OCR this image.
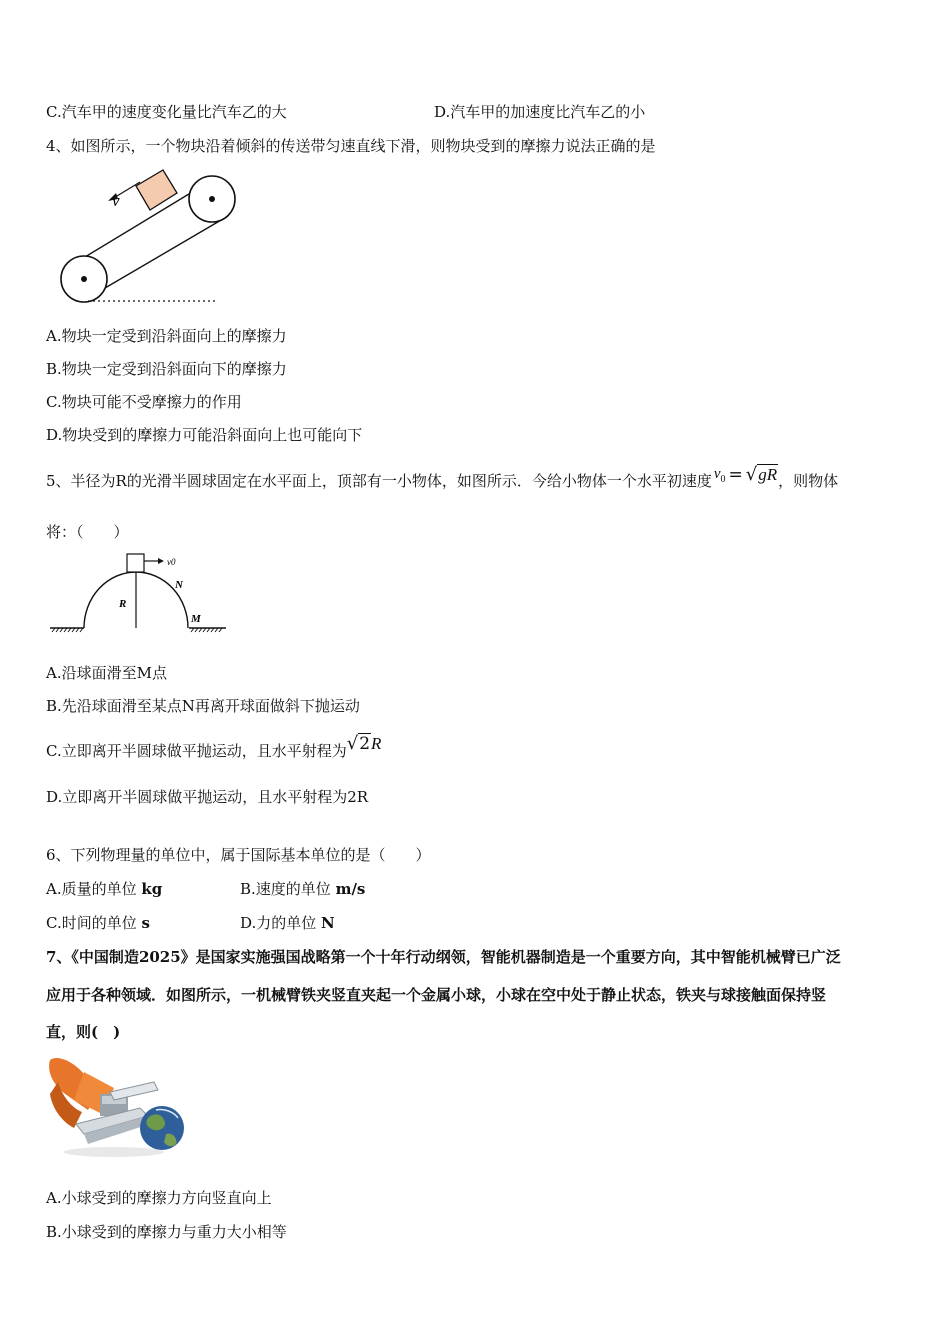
C.汽车甲的速度变化量比汽车乙的大	D.汽车甲的加速度比汽车乙的小
4、如图所示，一个物块沿着倾斜的传送带匀速直线下滑，则物块受到的摩擦力说法正确的是
v
A.物块一定受到沿斜面向上的摩擦力
B.物块一定受到沿斜面向下的摩擦力
C.物块可能不受摩擦力的作用
D.物块受到的摩擦力可能沿斜面向上也可能向下
5、半径为R的光滑半圆球固定在水平面上，顶部有一小物体，如图所示．今给小物体一个水平初速度 $v_0 = √gR$，则物体
将：（　　）
v0
R
N
M
A.沿球面滑至M点
B.先沿球面滑至某点N再离开球面做斜下抛运动
C.立即离开半圆球做平抛运动，且水平射程为√2R
D.立即离开半圆球做平抛运动，且水平射程为2R
6、下列物理量的单位中，属于国际基本单位的是（　　）
A.质量的单位 kg	B.速度的单位 m/s
C.时间的单位 s	D.力的单位 N
7、《中国制造2025》是国家实施强国战略第一个十年行动纲领，智能机器制造是一个重要方向，其中智能机械臂已广泛
应用于各种领域．如图所示，一机械臂铁夹竖直夹起一个金属小球，小球在空中处于静止状态，铁夹与球接触面保持竖
直，则(　)
A.小球受到的摩擦力方向竖直向上
B.小球受到的摩擦力与重力大小相等
